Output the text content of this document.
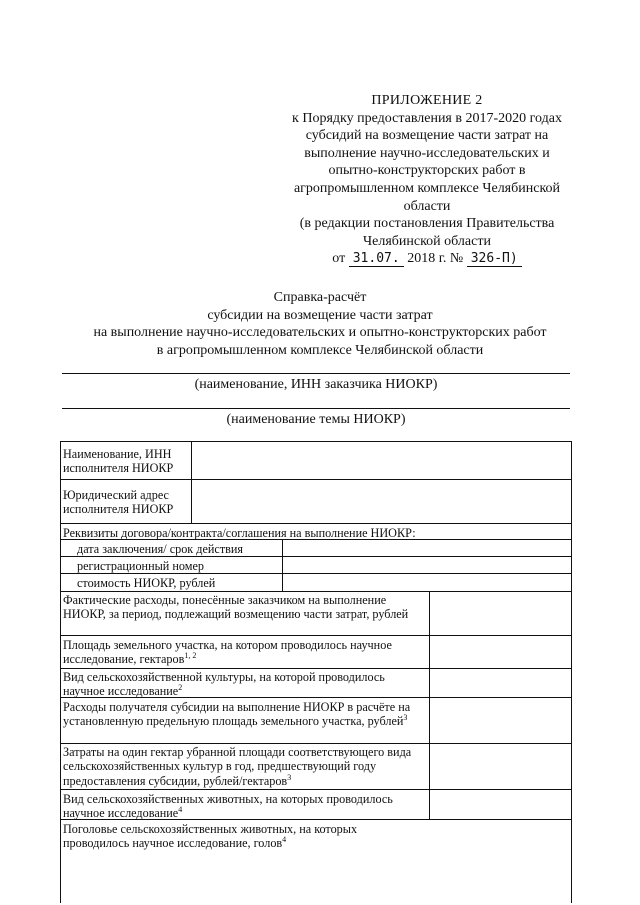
ПРИЛОЖЕНИЕ 2
к Порядку предоставления в 2017-2020 годах
субсидий на возмещение части затрат на
выполнение научно-исследовательских и
опытно-конструкторских работ в
агропромышленном комплексе Челябинской
области
(в редакции постановления Правительства
Челябинской области
от 31.07. 2018 г. № 326-П)
Справка-расчёт
субсидии на возмещение части затрат
на выполнение научно-исследовательских и опытно-конструкторских работ
в агропромышленном комплексе Челябинской области
(наименование, ИНН заказчика НИОКР)
(наименование темы НИОКР)
Наименование, ИНН исполнителя НИОКР
Юридический адрес исполнителя НИОКР
Реквизиты договора/контракта/соглашения на выполнение НИОКР:
дата заключения/ срок действия
регистрационный номер
стоимость НИОКР, рублей
Фактические расходы, понесённые заказчиком на выполнение НИОКР, за период, подлежащий возмещению части затрат, рублей
Площадь земельного участка, на котором проводилось научное исследование, гектаров$^{1, 2}$
Вид сельскохозяйственной культуры, на которой проводилось научное исследование$^2$
Расходы получателя субсидии на выполнение НИОКР в расчёте на установленную предельную площадь земельного участка, рублей$^3$
Затраты на один гектар убранной площади соответствующего вида сельскохозяйственных культур в год, предшествующий году предоставления субсидии, рублей/гектаров$^3$
Вид сельскохозяйственных животных, на которых проводилось научное исследование$^4$
Поголовье сельскохозяйственных животных, на которых проводилось научное исследование, голов$^4$
